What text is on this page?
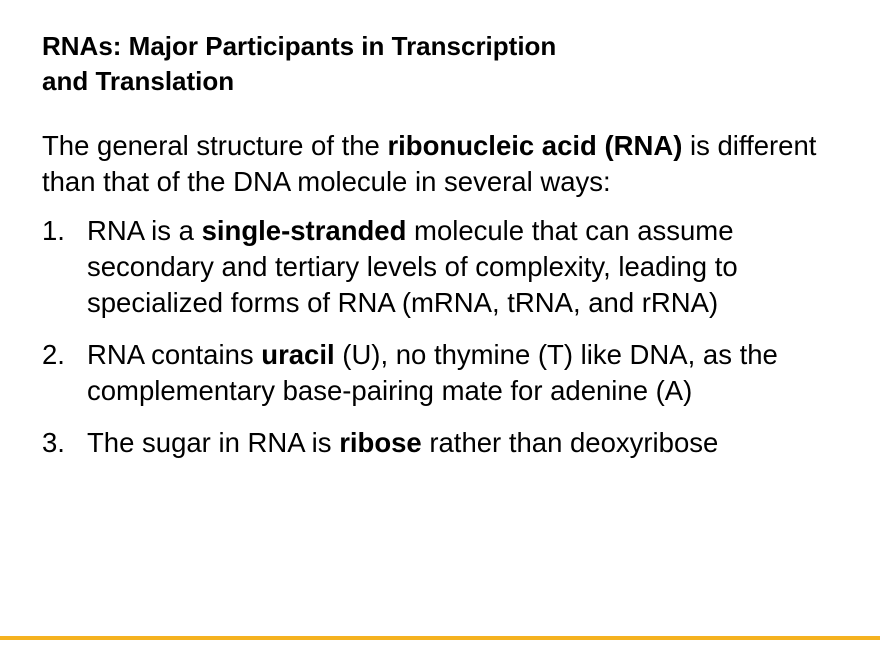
RNAs: Major Participants in Transcription
and Translation

The general structure of the ribonucleic acid (RNA) is different than that of the DNA molecule in several ways:

1. RNA is a single-stranded molecule that can assume secondary and tertiary levels of complexity, leading to specialized forms of RNA (mRNA, tRNA, and rRNA)
2. RNA contains uracil (U), no thymine (T) like DNA, as the complementary base-pairing mate for adenine (A)
3. The sugar in RNA is ribose rather than deoxyribose
